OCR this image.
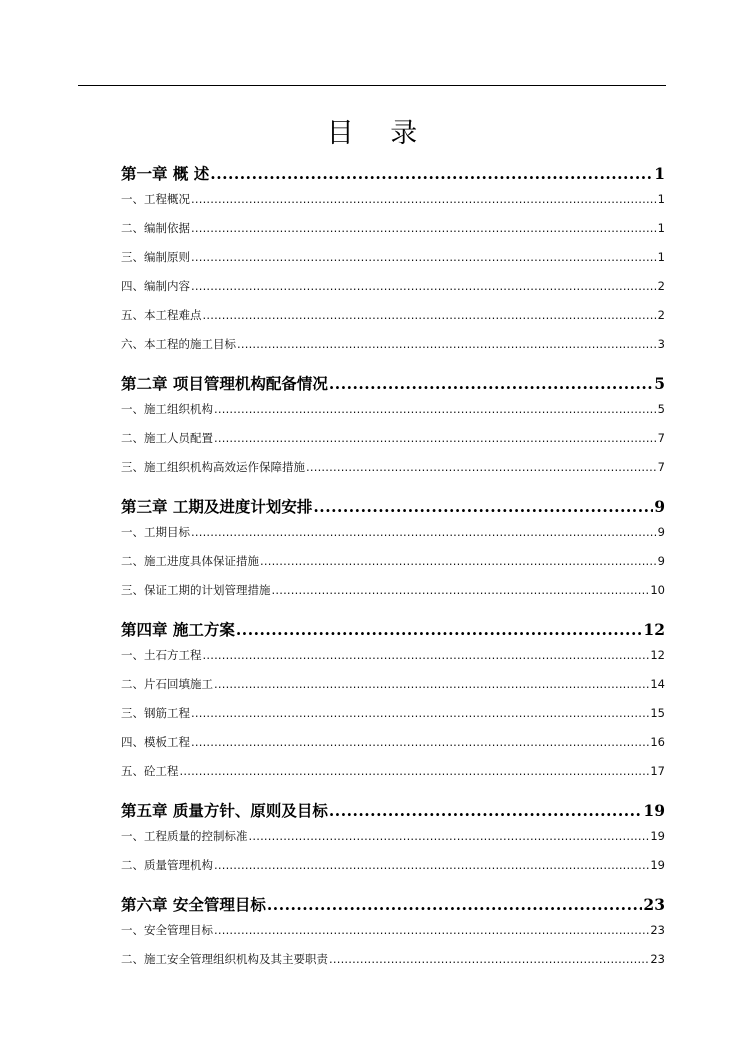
目 录
第一章 概 述 .....	1
一、工程概况 .....	1
二、编制依据 .....	1
三、编制原则 .....	1
四、编制内容 .....	2
五、本工程难点 .....	2
六、本工程的施工目标 .....	3
第二章 项目管理机构配备情况 .....	5
一、施工组织机构 .....	5
二、施工人员配置 .....	7
三、施工组织机构高效运作保障措施 .....	7
第三章 工期及进度计划安排 .....	9
一、工期目标 .....	9
二、施工进度具体保证措施 .....	9
三、保证工期的计划管理措施 .....	10
第四章 施工方案 .....	12
一、土石方工程 .....	12
二、片石回填施工 .....	14
三、钢筋工程 .....	15
四、模板工程 .....	16
五、砼工程 .....	17
第五章 质量方针、原则及目标 .....	19
一、工程质量的控制标准 .....	19
二、质量管理机构 .....	19
第六章 安全管理目标 .....	23
一、安全管理目标 .....	23
二、施工安全管理组织机构及其主要职责 .....	23
